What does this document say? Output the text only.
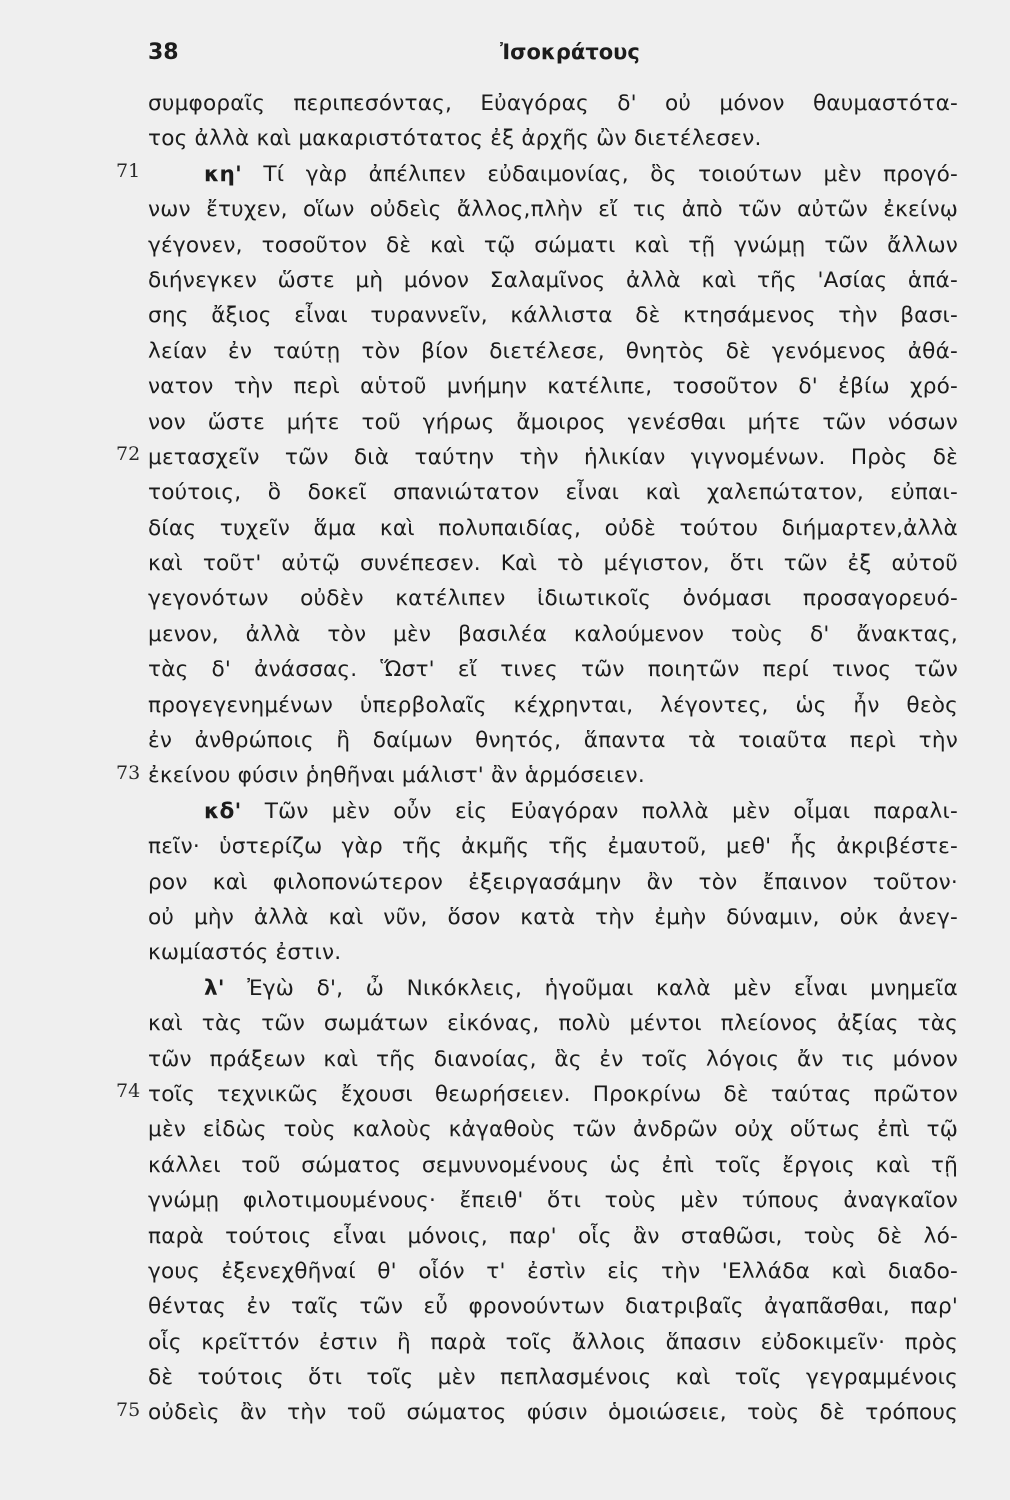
38	Ἰσοκράτους
71
72
73
74
75
συμφοραῖς περιπεσόντας, Εὐαγόρας δ' οὐ μόνον θαυμαστότα-
τος ἀλλὰ καὶ μακαριστότατος ἐξ ἀρχῆς ὢν διετέλεσεν.
κη' Τί γὰρ ἀπέλιπεν εὐδαιμονίας, ὃς τοιούτων μὲν προγό-
νων ἔτυχεν, οἵων οὐδεὶς ἄλλος,πλὴν εἴ τις ἀπὸ τῶν αὐτῶν ἐκείνῳ
γέγονεν, τοσοῦτον δὲ καὶ τῷ σώματι καὶ τῇ γνώμῃ τῶν ἄλλων
διήνεγκεν ὥστε μὴ μόνον Σαλαμῖνος ἀλλὰ καὶ τῆς 'Ασίας ἁπά-
σης ἄξιος εἶναι τυραννεῖν, κάλλιστα δὲ κτησάμενος τὴν βασι-
λείαν ἐν ταύτῃ τὸν βίον διετέλεσε, θνητὸς δὲ γενόμενος ἀθά-
νατον τὴν περὶ αὑτοῦ μνήμην κατέλιπε, τοσοῦτον δ' ἐβίω χρό-
νον ὥστε μήτε τοῦ γήρως ἄμοιρος γενέσθαι μήτε τῶν νόσων
μετασχεῖν τῶν διὰ ταύτην τὴν ἡλικίαν γιγνομένων. Πρὸς δὲ
τούτοις, ὃ δοκεῖ σπανιώτατον εἶναι καὶ χαλεπώτατον, εὐπαι-
δίας τυχεῖν ἅμα καὶ πολυπαιδίας, οὐδὲ τούτου διήμαρτεν,ἀλλὰ
καὶ τοῦτ' αὐτῷ συνέπεσεν. Καὶ τὸ μέγιστον, ὅτι τῶν ἐξ αὐτοῦ
γεγονότων οὐδὲν κατέλιπεν ἰδιωτικοῖς ὀνόμασι προσαγορευό-
μενον, ἀλλὰ τὸν μὲν βασιλέα καλούμενον τοὺς δ' ἄνακτας,
τὰς δ' ἀνάσσας. Ὥστ' εἴ τινες τῶν ποιητῶν περί τινος τῶν
προγεγενημένων ὑπερβολαῖς κέχρηνται, λέγοντες, ὡς ἦν θεὸς
ἐν ἀνθρώποις ἢ δαίμων θνητός, ἅπαντα τὰ τοιαῦτα περὶ τὴν
ἐκείνου φύσιν ῥηθῆναι μάλιστ' ἂν ἁρμόσειεν.
κδ' Τῶν μὲν οὖν εἰς Εὐαγόραν πολλὰ μὲν οἶμαι παραλι-
πεῖν· ὑστερίζω γὰρ τῆς ἀκμῆς τῆς ἐμαυτοῦ, μεθ' ἧς ἀκριβέστε-
ρον καὶ φιλοπονώτερον ἐξειργασάμην ἂν τὸν ἔπαινον τοῦτον·
οὐ μὴν ἀλλὰ καὶ νῦν, ὅσον κατὰ τὴν ἐμὴν δύναμιν, οὐκ ἀνεγ-
κωμίαστός ἐστιν.
λ' Ἐγὼ δ', ὦ Νικόκλεις, ἡγοῦμαι καλὰ μὲν εἶναι μνημεῖα
καὶ τὰς τῶν σωμάτων εἰκόνας, πολὺ μέντοι πλείονος ἀξίας τὰς
τῶν πράξεων καὶ τῆς διανοίας, ἃς ἐν τοῖς λόγοις ἄν τις μόνον
τοῖς τεχνικῶς ἔχουσι θεωρήσειεν. Προκρίνω δὲ ταύτας πρῶτον
μὲν εἰδὼς τοὺς καλοὺς κἀγαθοὺς τῶν ἀνδρῶν οὐχ οὕτως ἐπὶ τῷ
κάλλει τοῦ σώματος σεμνυνομένους ὡς ἐπὶ τοῖς ἔργοις καὶ τῇ
γνώμῃ φιλοτιμουμένους· ἔπειθ' ὅτι τοὺς μὲν τύπους ἀναγκαῖον
παρὰ τούτοις εἶναι μόνοις, παρ' οἷς ἂν σταθῶσι, τοὺς δὲ λό-
γους ἐξενεχθῆναί θ' οἷόν τ' ἐστὶν εἰς τὴν 'Ελλάδα καὶ διαδο-
θέντας ἐν ταῖς τῶν εὖ φρονούντων διατριβαῖς ἀγαπᾶσθαι, παρ'
οἷς κρεῖττόν ἐστιν ἢ παρὰ τοῖς ἄλλοις ἅπασιν εὐδοκιμεῖν· πρὸς
δὲ τούτοις ὅτι τοῖς μὲν πεπλασμένοις καὶ τοῖς γεγραμμένοις
οὐδεὶς ἂν τὴν τοῦ σώματος φύσιν ὁμοιώσειε, τοὺς δὲ τρόπους
